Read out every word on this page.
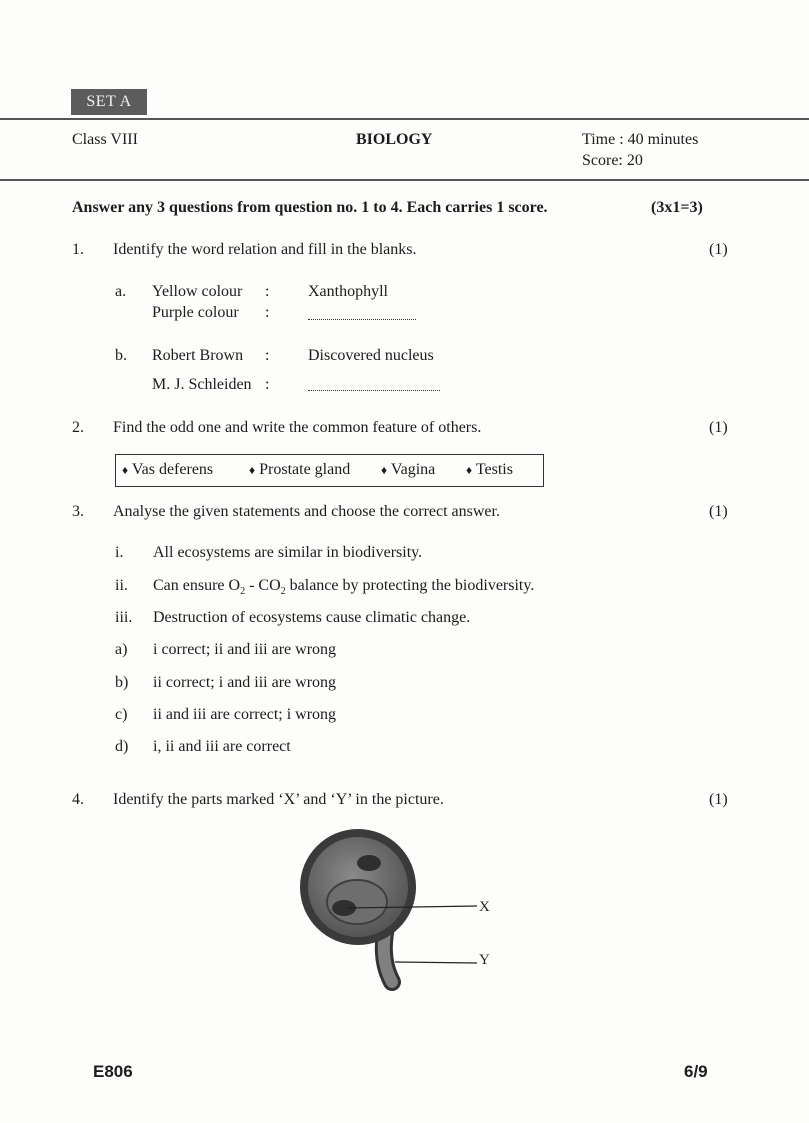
SET A
Class VIII	BIOLOGY	Time : 40 minutes
Score: 20
Answer any 3 questions from question no. 1 to 4. Each carries 1 score.	(3x1=3)
1. Identify the word relation and fill in the blanks.	(1)
a. Yellow colour : Xanthophyll
Purple colour :
b. Robert Brown : Discovered nucleus
M. J. Schleiden :
2. Find the odd one and write the common feature of others.	(1)
♦ Vas deferens	♦ Prostate gland	♦ Vagina	♦ Testis
3. Analyse the given statements and choose the correct answer.	(1)
i. All ecosystems are similar in biodiversity.
ii. Can ensure $O_2 - CO_2$ balance by protecting the biodiversity.
iii. Destruction of ecosystems cause climatic change.
a) i correct; ii and iii are wrong
b) ii correct; i and iii are wrong
c) ii and iii are correct; i wrong
d) i, ii and iii are correct
4. Identify the parts marked ‘X’ and ‘Y’ in the picture.	(1)
X
Y
E806	6/9
